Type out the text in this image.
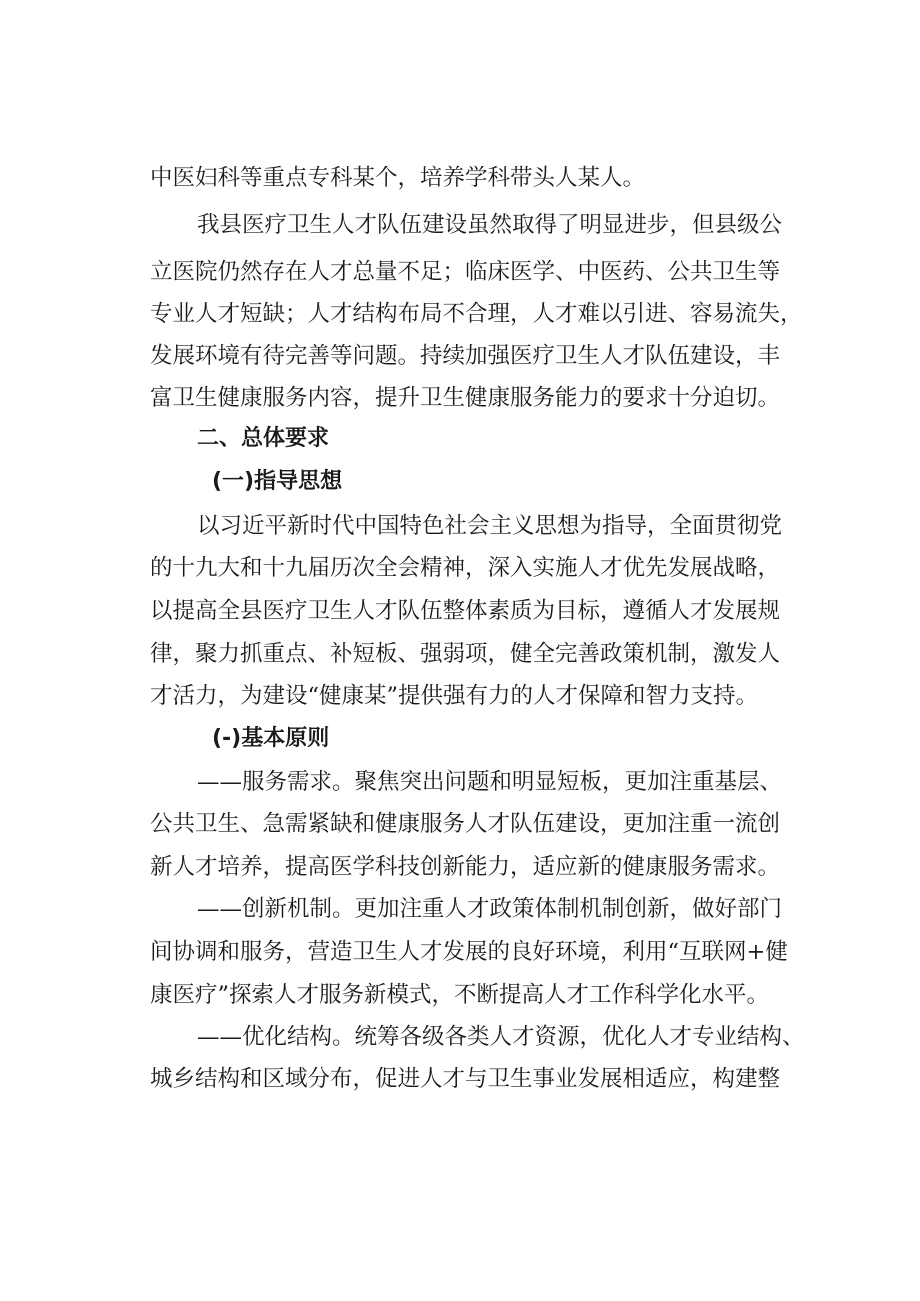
中医妇科等重点专科某个，培养学科带头人某人。

我县医疗卫生人才队伍建设虽然取得了明显进步，但县级公

立医院仍然存在人才总量不足；临床医学、中医药、公共卫生等

专业人才短缺；人才结构布局不合理，人才难以引进、容易流失，

发展环境有待完善等问题。持续加强医疗卫生人才队伍建设，丰

富卫生健康服务内容，提升卫生健康服务能力的要求十分迫切。

二、总体要求
(一)指导思想

以习近平新时代中国特色社会主义思想为指导，全面贯彻党

的十九大和十九届历次全会精神，深入实施人才优先发展战略，

以提高全县医疗卫生人才队伍整体素质为目标，遵循人才发展规

律，聚力抓重点、补短板、强弱项，健全完善政策机制，激发人

才活力，为建设“健康某”提供强有力的人才保障和智力支持。

(-)基本原则

——服务需求。聚焦突出问题和明显短板，更加注重基层、

公共卫生、急需紧缺和健康服务人才队伍建设，更加注重一流创

新人才培养，提高医学科技创新能力，适应新的健康服务需求。

——创新机制。更加注重人才政策体制机制创新，做好部门

间协调和服务，营造卫生人才发展的良好环境，利用“互联网+健

康医疗”探索人才服务新模式，不断提高人才工作科学化水平。

——优化结构。统筹各级各类人才资源，优化人才专业结构、

城乡结构和区域分布，促进人才与卫生事业发展相适应，构建整
